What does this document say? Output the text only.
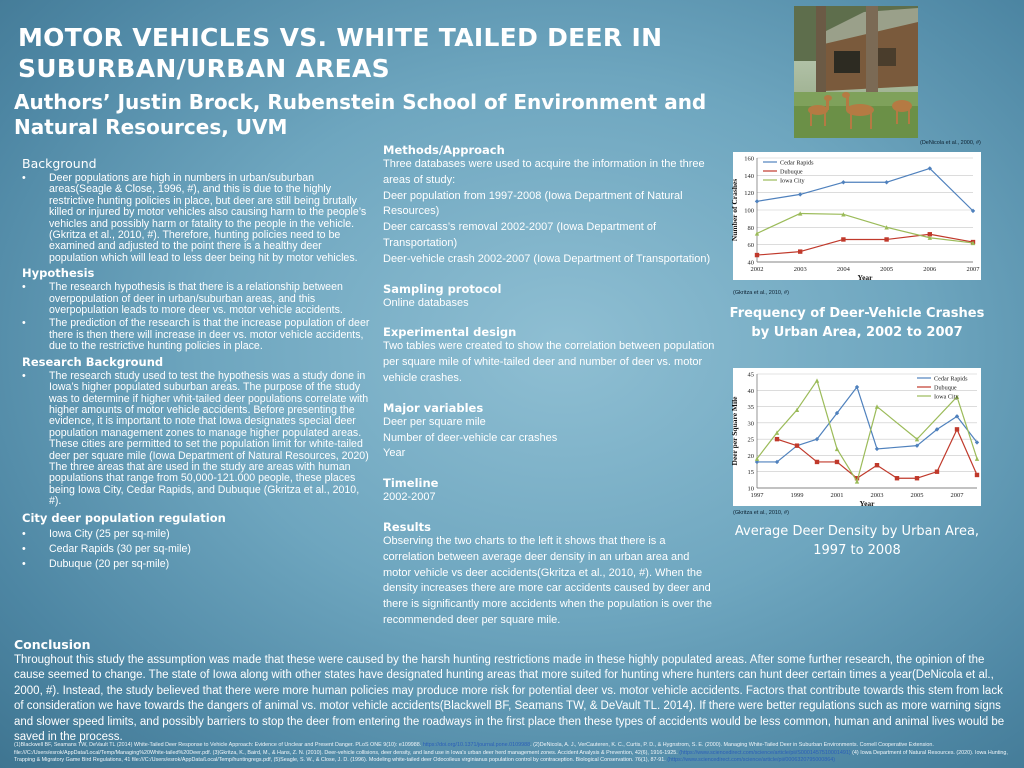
MOTOR VEHICLES VS. WHITE TAILED DEER IN SUBURBAN/URBAN AREAS
Authors’ Justin Brock, Rubenstein School of Environment and Natural Resources, UVM
Background
• Deer populations are high in numbers in urban/suburban areas(Seagle & Close, 1996, #), and this is due to the highly restrictive hunting policies in place, but deer are still being brutally killed or injured by motor vehicles also causing harm to the people’s vehicles and possibly harm or fatality to the people in the vehicle. (Gkritza et al., 2010, #). Therefore, hunting policies need to be examined and adjusted to the point there is a healthy deer population which will lead to less deer being hit by motor vehicles.
Hypothesis
• The research hypothesis is that there is a relationship between overpopulation of deer in urban/suburban areas, and this overpopulation leads to more deer vs. motor vehicle accidents.
• The prediction of the research is that the increase population of deer there is then there will increase in deer vs. motor vehicle accidents, due to the restrictive hunting policies in place.
Research Background
• The research study used to test the hypothesis was a study done in Iowa’s higher populated suburban areas. The purpose of the study was to determine if higher whit-tailed deer populations correlate with higher amounts of motor vehicle accidents. Before presenting the evidence, it is important to note that Iowa designates special deer population management zones to manage higher populated areas. These cities are permitted to set the population limit for white-tailed deer per square mile (Iowa Department of Natural Resources, 2020) The three areas that are used in the study are areas with human populations that range from 50,000-121.000 people, these places being Iowa City, Cedar Rapids, and Dubuque (Gkritza et al., 2010, #).
City deer population regulation
• Iowa City (25 per sq-mile)
• Cedar Rapids (30 per sq-mile)
• Dubuque (20 per sq-mile)
Methods/Approach
Three databases were used to acquire the information in the three areas of study:
Deer population from 1997-2008 (Iowa Department of Natural Resources)
Deer carcass’s removal 2002-2007 (Iowa Department of Transportation)
Deer-vehicle crash 2002-2007 (Iowa Department of Transportation)
Sampling protocol
Online databases
Experimental design
Two tables were created to show the correlation between population per square mile of white-tailed deer and number of deer vs. motor vehicle crashes.
Major variables
Deer per square mile
Number of deer-vehicle car crashes
Year
Timeline
2002-2007
Results
Observing the two charts to the left it shows that there is a correlation between average deer density in an urban area and motor vehicle vs deer accidents(Gkritza et al., 2010, #). When the density increases there are more car accidents caused by deer and there is significantly more accidents when the population is over the recommended deer per square mile.
(DeNicola et al., 2000, #)
40
60
80
100
120
140
160
2002	2003	2004	2005	2006	2007
Year
Number of Crashes
Cedar Rapids
Dubuque
Iowa City
(Gkritza et al., 2010, #)
Frequency of Deer-Vehicle Crashes by Urban Area, 2002 to 2007
10
15
20
25
30
35
40
45
1997	1999	2001	2003	2005	2007
Year
Deer per Square Mile
Cedar Rapids
Dubuque
Iowa City
(Gkritza et al., 2010, #)
Average Deer Density by Urban Area, 1997 to 2008
Conclusion
Throughout this study the assumption was made that these were caused by the harsh hunting restrictions made in these highly populated areas. After some further research, the opinion of the cause seemed to change. The state of Iowa along with other states have designated hunting areas that more suited for hunting where hunters can hunt deer certain times a year(DeNicola et al., 2000, #). Instead, the study believed that there were more human policies may produce more risk for potential deer vs. motor vehicle accidents. Factors that contribute towards this stem from lack of consideration we have towards the dangers of animal vs. motor vehicle accidents(Blackwell BF, Seamans TW, & DeVault TL. 2014). If there were better regulations such as more warning signs and slower speed limits, and possibly barriers to stop the deer from entering the roadways in the first place then these types of accidents would be less common, human and animal lives would be saved in the process.
(1)Blackwell BF, Seamans TW, DeVault TL (2014) White-Tailed Deer Response to Vehicle Approach: Evidence of Unclear and Present Danger. PLoS ONE 9(10): e109988. https://doi.org/10.1371/journal.pone.0109988. (2)DeNicola, A. J., VerCauteren, K. C., Curtis, P. D., & Hygnstrom, S. E. (2000). Managing White-Tailed Deer in Suburban Environments. Cornell Cooperative Extension.
file:///C:/Users/esrok/AppData/Local/Temp/Managing%20White-tailed%20Deer.pdf. (3)Gkritza, K., Baird, M., & Hans, Z. N. (2010). Deer-vehicle collisions, deer density, and land use in Iowa's urban deer herd management zones. Accident Analysis & Prevention, 42(6), 1916-1925. (https://www.sciencedirect.com/science/article/pii/S0001457510001491) (4) Iowa Department of Natural Resources. (2020). Iowa Hunting,
Trapping & Migratory Game Bird Regulations, 41 file:///C:/Users/esrok/AppData/Local/Temp/huntingregs.pdf, (5)Seagle, S. W., & Close, J. D. (1996). Modeling white-tailed deer Odocoileus virginianus population control by contraception. Biological Conservation. 76(1), 87-91. (https://www.sciencedirect.com/science/article/pii/0006320795000864)
